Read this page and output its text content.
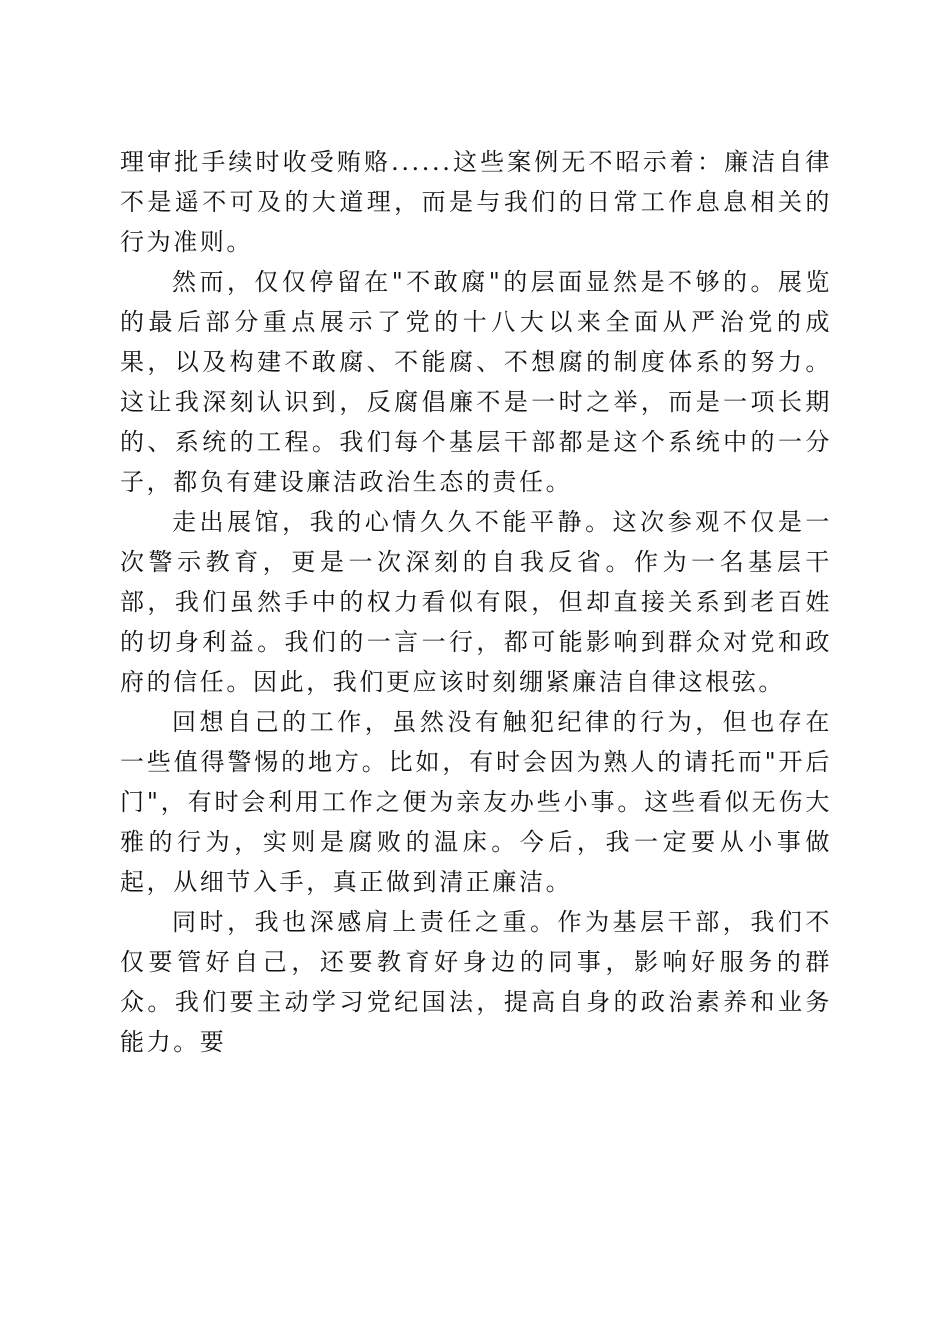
理审批手续时收受贿赂......这些案例无不昭示着：廉洁自律不是遥不可及的大道理，而是与我们的日常工作息息相关的行为准则。

然而，仅仅停留在"不敢腐"的层面显然是不够的。展览的最后部分重点展示了党的十八大以来全面从严治党的成果，以及构建不敢腐、不能腐、不想腐的制度体系的努力。这让我深刻认识到，反腐倡廉不是一时之举，而是一项长期的、系统的工程。我们每个基层干部都是这个系统中的一分子，都负有建设廉洁政治生态的责任。

走出展馆，我的心情久久不能平静。这次参观不仅是一次警示教育，更是一次深刻的自我反省。作为一名基层干部，我们虽然手中的权力看似有限，但却直接关系到老百姓的切身利益。我们的一言一行，都可能影响到群众对党和政府的信任。因此，我们更应该时刻绷紧廉洁自律这根弦。

回想自己的工作，虽然没有触犯纪律的行为，但也存在一些值得警惕的地方。比如，有时会因为熟人的请托而"开后门"，有时会利用工作之便为亲友办些小事。这些看似无伤大雅的行为，实则是腐败的温床。今后，我一定要从小事做起，从细节入手，真正做到清正廉洁。

同时，我也深感肩上责任之重。作为基层干部，我们不仅要管好自己，还要教育好身边的同事，影响好服务的群众。我们要主动学习党纪国法，提高自身的政治素养和业务能力。要
